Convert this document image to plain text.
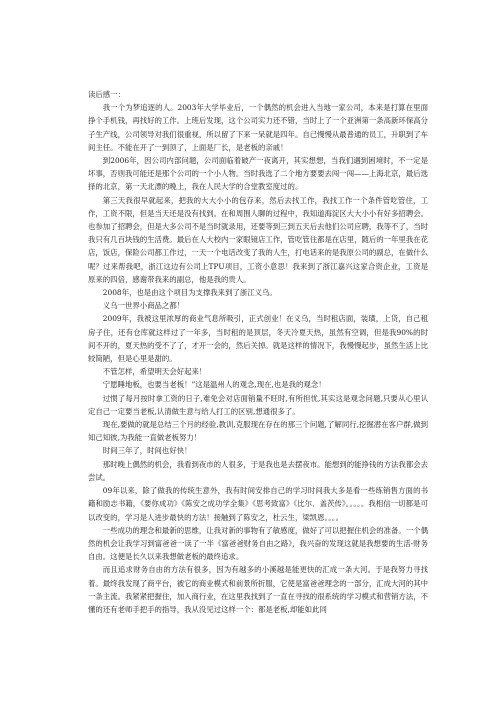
读后感一：

我一个为梦追逐的人。2003年大学毕业后，一个偶然的机会进入当地一家公司，本来是打算在里面挣个手机钱，再找好的工作。上班后发现，这个公司实力还不错，当时上了一个亚洲第一条高新环保高分子生产线，公司领导对我们很重视，所以留了下来一呆就是四年。自己慢慢从最普通的员工，升职到了车间主任。不能在开了一到顶了，上面是厂长，是老板的亲戚！

到2006年，因公司内部问题，公司面临着破产一夜离开，其实想想，当我们遇到困境时，不一定是坏事，否则我可能还是那个公司的一个小人物。当时我选了二个地方要要去闯一闯——上海北京，最后选择的北京，第一天北漂的晚上，我在人民大学的合堂教室度过的。

第三天我很早就起来，把我的大大小小的包存来，然后去找工作，我找工作一个条件管吃管住，工作，工资不限，但是当天还是没有找到。在和周围人聊的过程中，我知道海淀区大大小小有好多招聘会。也参加了招聘会，但是大多公司不是当时就录用，还要等到三到五天后去他们公司应聘，我等不了，当时我只有几百块钱的生活费。最后在人大校内一家眼镜店工作，管吃管住都是在店里，随后的一年里我在花店，饭店，保险公司都工作过，一天一个电话改变了我的人生，打电话来的是我原公司的副总，在做什么呢？过来帮我吧，浙江这边有公司上TPU项目，工资小意思！我来到了浙江嘉兴这家合资企业，工资是原来的四倍，感谢带我来的副总，他是我的贵人。

2008年，也是由这个项目为支撑我来到了浙江义乌。

义乌一世界小商品之都！

2009年，我被这里浓厚的商业气息所吸引，正式创业！在义乌，当时租店面，装璜，上货，自己租房子住，还有仓库就这样过了一年多，当时租的是顶层，冬天冷夏天热，虽然有空调，但是我90%的时间不开的，夏天热的受不了了，才开一会的，然后关掉。就是这样的情况下，我慢慢起步，虽然生活上比较简陋，但是心里是甜的。

不管怎样，希望明天会好起来！

宁愿睡地板，也要当老板！”这是温州人的观念,现在,也是我的观念！

过惯了每月按时拿工资的日子,难免会对店面销量不旺时,有所担忧,其实这是观念问题,只要从心里认定自己一定要当老板,认清做生意与给人打工的区别,想通很多了。

现在,要做的就是总结三个月的经验,教训,克服现在存在的那三个问题,了解同行,挖掘潜在客户群,做到知己知彼,为我能一直做老板努力！

时间三年了，时间也好快！

那时晚上偶然的机会，我看到夜市的人很多，于是我也是去摆夜市。能想到的能挣钱的方法我都会去尝试。

09年以来，除了做我的传统生意外，我有时间安排自己的学习时间我大多是看一些练销售方面的书籍和励志书籍，《要你成功》《陈安之成功学全集》《思考致富》《比尔．盖茨传》。。。。。我相信一切都是可以改变的，学习是人进步最快的方法！接触到了陈安之，杜云生，梁凯恩。。。。

一些成功的理念和最新的思维，让我对新的事物有了敏感度，做好了可以把握住机会的准备。一个偶然的机会让我学习到富爸爸一读了一半《富爸爸财务自由之路》，我兴奋的发现这就是我想要的生活-财务自由。这便是长久以来我想做老板的最终追求。

而且追求财务自由的方法有很多，因为有越多的小溪越是能更快的汇成一条大河。于是我努力寻找着。最终我发现了商平台，被它的商业模式和前景所折服，它使是富爸爸理念的一部分，汇成大河的其中一条主流。我紧紧把握住，加入商行业，在这里我找到了一直在寻找的很系统的学习模式和营销方法，不懂的还有老师手把手的指导，我从没见过这样一个：都是老板,却能如此同
